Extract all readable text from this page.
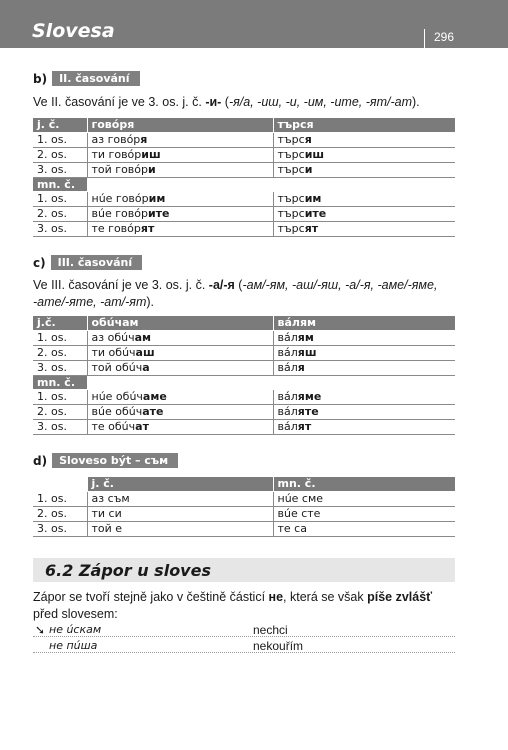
Slovesa	296
b)	II. časování
Ve II. časování je ve 3. os. j. č. -и- (-я/а, -иш, -и, -им, -ите, -ят/-ат).
j. č.	говóря	търся
1. os.	аз говóря	търся
2. os.	ти говóриш	търсиш
3. os.	той говóри	търси
mn. č.		
1. os.	нúе говóрим	търсим
2. os.	вúе говóрите	търсите
3. os.	те говóрят	търсят
c)	III. časování
Ve III. časování je ve 3. os. j. č. -а/-я (-ам/-ям, -аш/-яш, -а/-я, -аме/-яме,
-ате/-яте, -ат/-ят).
j.č.	обúчам	вáлям
1. os.	аз обúчам	вáлям
2. os.	ти обúчаш	вáляш
3. os.	той обúча	вáля
mn. č.		
1. os.	нúе обúчаме	вáляме
2. os.	вúе обúчате	вáляте
3. os.	те обúчат	вáлят
d)	Sloveso být – съм
	j. č.	mn. č.
1. os.	аз съм	нúе сме
2. os.	ти си	вúе сте
3. os.	той е	те са
6.2 Zápor u sloves
Zápor se tvoří stejně jako v češtině částicí не, která se však píše zvlášť
před slovesem:
➘ не úскам	nechci
не пúша	nekouřím
